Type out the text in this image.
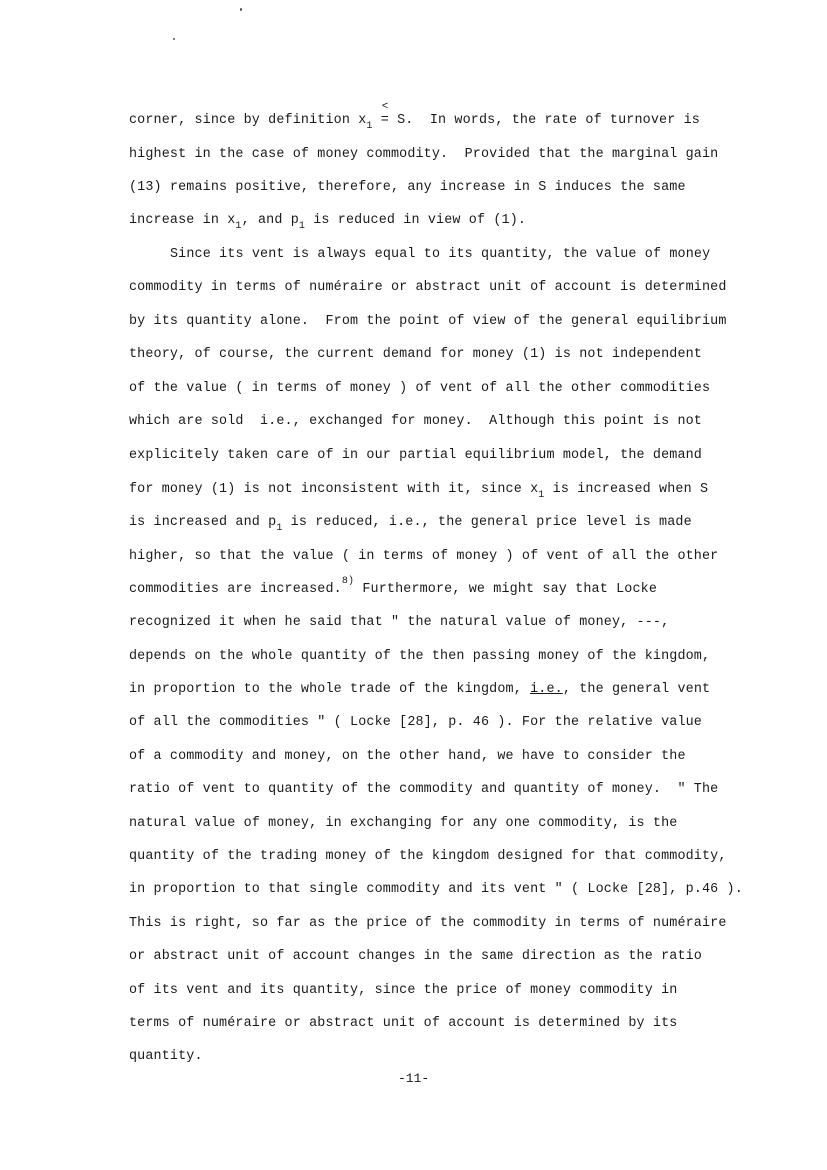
corner, since by definition $x_1$
<
= S.  In words, the rate of turnover is
highest in the case of money commodity.  Provided that the marginal gain
(13) remains positive, therefore, any increase in S induces the same
increase in $x_1$, and $p_1$ is reduced in view of (1).
Since its vent is always equal to its quantity, the value of money
commodity in terms of numéraire or abstract unit of account is determined
by its quantity alone.  From the point of view of the general equilibrium
theory, of course, the current demand for money (1) is not independent
of the value ( in terms of money ) of vent of all the other commodities
which are sold  i.e., exchanged for money.  Although this point is not
explicitely taken care of in our partial equilibrium model, the demand
for money (1) is not inconsistent with it, since $x_1$ is increased when S
is increased and $p_1$ is reduced, i.e., the general price level is made
higher, so that the value ( in terms of money ) of vent of all the other
commodities are increased.$^{8)}$ Furthermore, we might say that Locke
recognized it when he said that " the natural value of money, ---,
depends on the whole quantity of the then passing money of the kingdom,
in proportion to the whole trade of the kingdom, i.e., the general vent
of all the commodities " ( Locke [28], p. 46 ). For the relative value
of a commodity and money, on the other hand, we have to consider the
ratio of vent to quantity of the commodity and quantity of money.  " The
natural value of money, in exchanging for any one commodity, is the
quantity of the trading money of the kingdom designed for that commodity,
in proportion to that single commodity and its vent " ( Locke [28], p.46 ).
This is right, so far as the price of the commodity in terms of numéraire
or abstract unit of account changes in the same direction as the ratio
of its vent and its quantity, since the price of money commodity in
terms of numéraire or abstract unit of account is determined by its
quantity.
-11-
